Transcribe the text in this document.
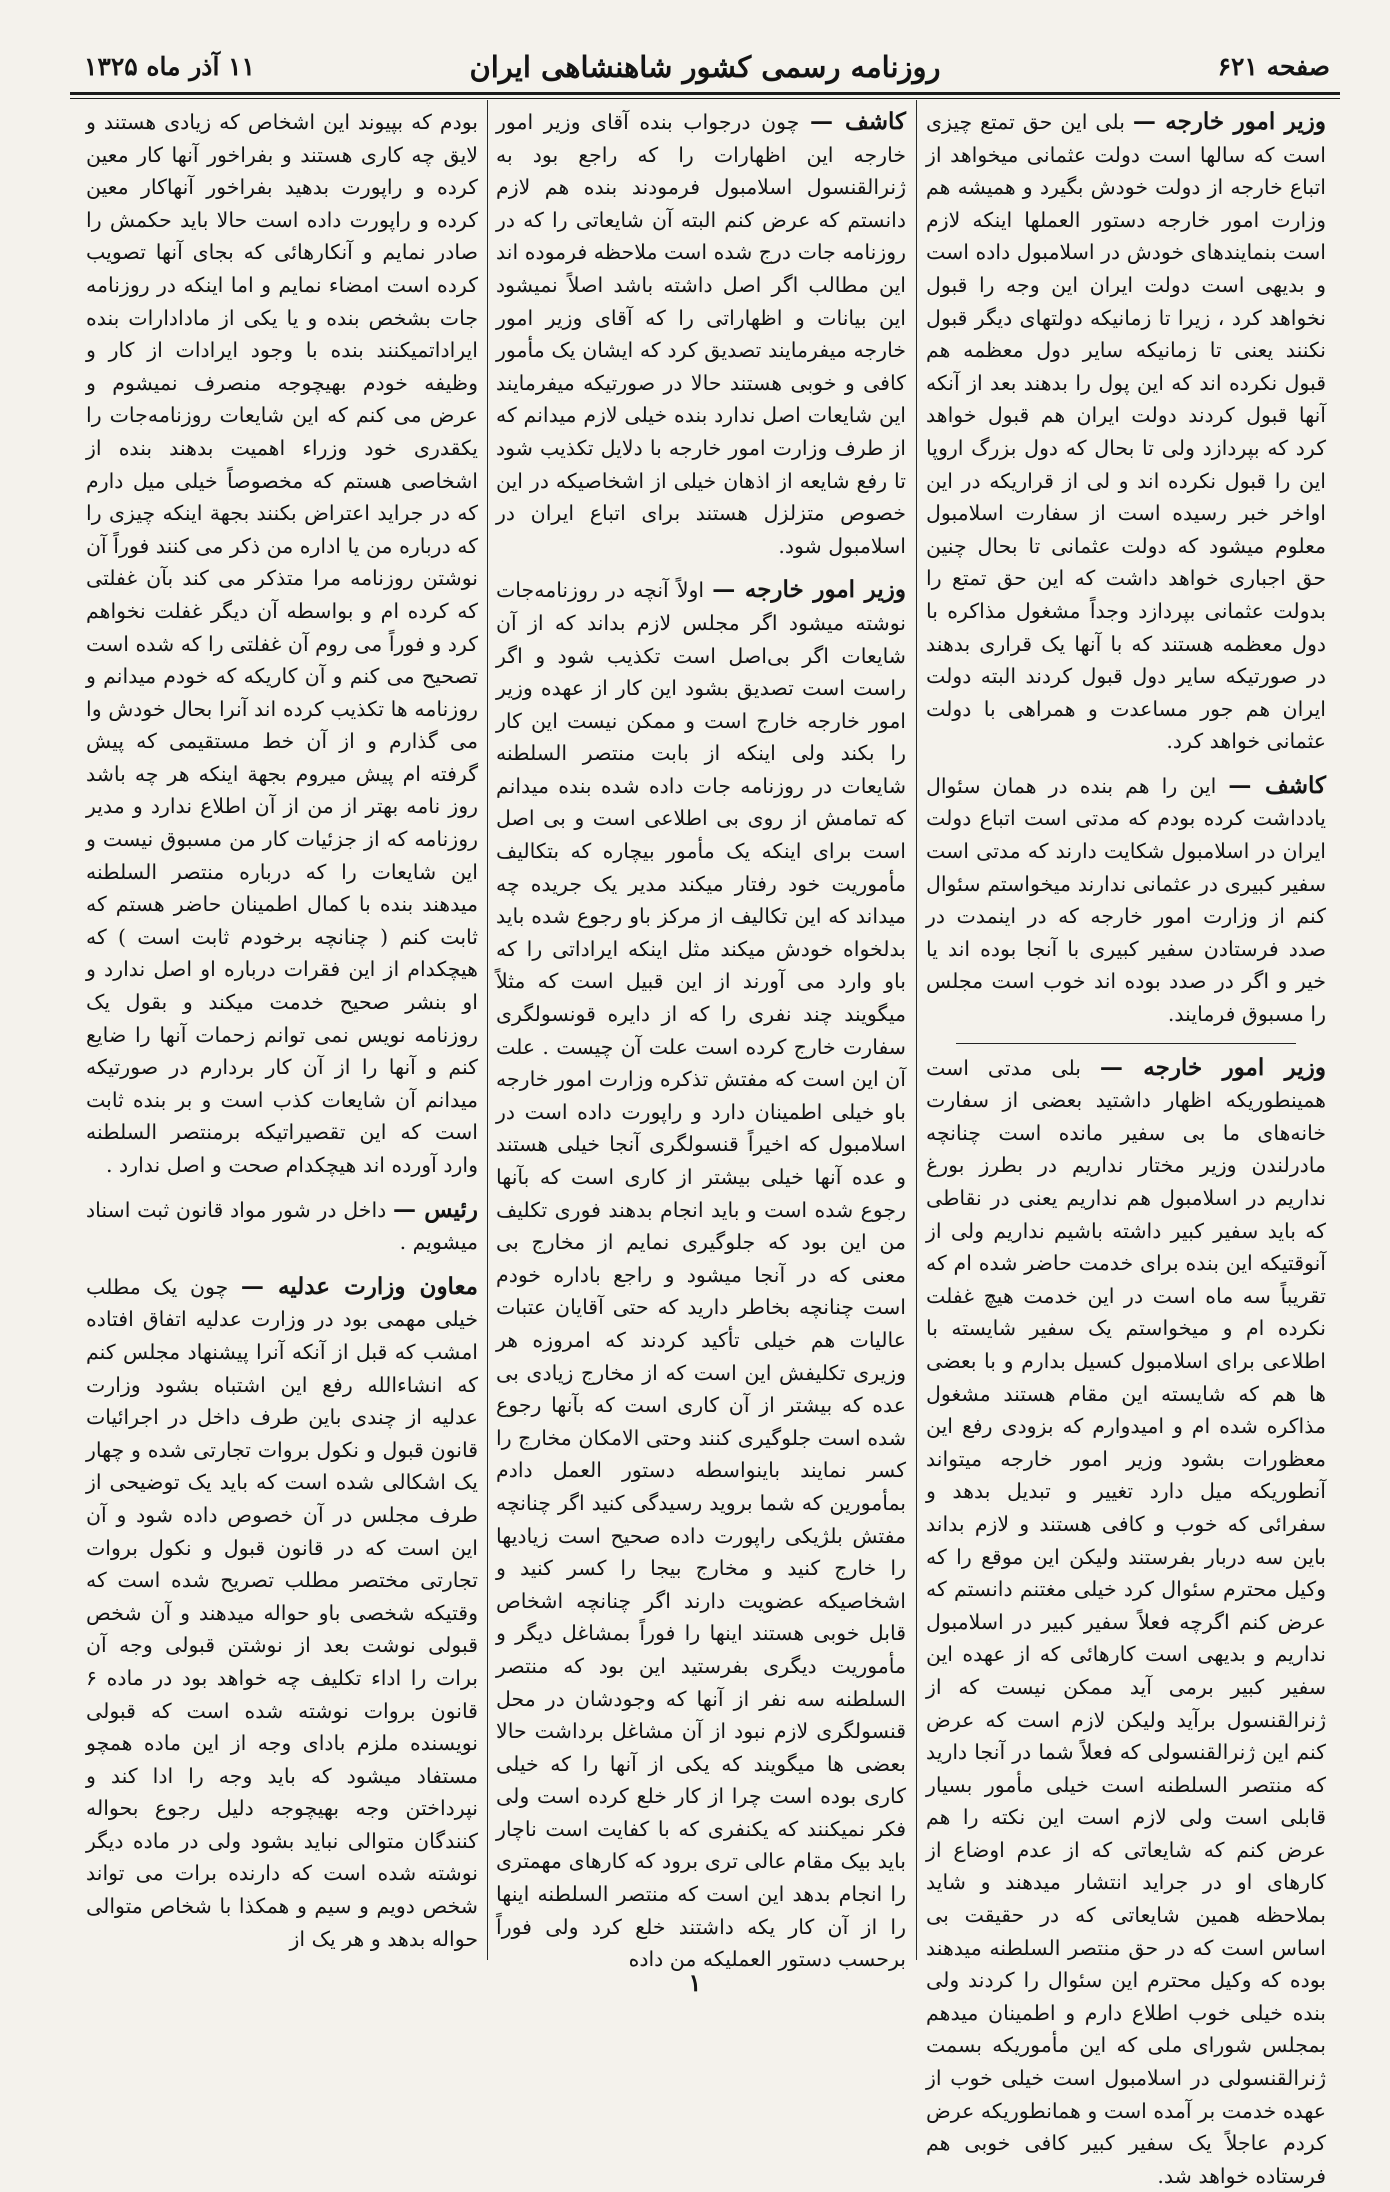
صفحه ۶۲۱
روزنامه رسمی کشور شاهنشاهی ایران
۱۱ آذر ماه ۱۳۲۵

وزیر امور خارجه — بلی این حق تمتع چیزی است که سالها است دولت عثمانی میخواهد از اتباع خارجه از دولت خودش بگیرد و همیشه هم وزارت امور خارجه دستور العملها اینکه لازم است بنمایندهای خودش در اسلامبول داده است و بدیهی است دولت ایران این وجه را قبول نخواهد کرد ، زیرا تا زمانیکه دولتهای دیگر قبول نکنند یعنی تا زمانیکه سایر دول معظمه هم قبول نکرده اند که این پول را بدهند بعد از آنکه آنها قبول کردند دولت ایران هم قبول خواهد کرد که بپردازد ولی تا بحال که دول بزرگ اروپا این را قبول نکرده اند و لی از قراریکه در این اواخر خبر رسیده است از سفارت اسلامبول معلوم میشود که دولت عثمانی تا بحال چنین حق اجباری خواهد داشت که این حق تمتع را بدولت عثمانی بپردازد وجداً مشغول مذاکره با دول معظمه هستند که با آنها یک قراری بدهند در صورتیکه سایر دول قبول کردند البته دولت ایران هم جور مساعدت و همراهی با دولت عثمانی خواهد کرد.

کاشف — این را هم بنده در همان سئوال یادداشت کرده بودم که مدتی است اتباع دولت ایران در اسلامبول شکایت دارند که مدتی است سفیر کبیری در عثمانی ندارند میخواستم سئوال کنم از وزارت امور خارجه که در اینمدت در صدد فرستادن سفیر کبیری با آنجا بوده اند یا خیر و اگر در صدد بوده اند خوب است مجلس را مسبوق فرمایند.

وزیر امور خارجه — بلی مدتی است همینطوریکه اظهار داشتید بعضی از سفارت خانه‌های ما بی سفیر مانده است چنانچه مادرلندن وزیر مختار نداریم در بطرز بورغ نداریم در اسلامبول هم نداریم یعنی در نقاطی که باید سفیر کبیر داشته باشیم نداریم ولی از آنوقتیکه این بنده برای خدمت حاضر شده ام که تقریباً سه ماه است در این خدمت هیچ غفلت نکرده ام و میخواستم یک سفیر شایسته با اطلاعی برای اسلامبول کسیل بدارم و با بعضی ها هم که شایسته این مقام هستند مشغول مذاکره شده ام و امیدوارم که بزودی رفع این معظورات بشود وزیر امور خارجه میتواند آنطوریکه میل دارد تغییر و تبدیل بدهد و سفرائی که خوب و کافی هستند و لازم بداند باین سه دربار بفرستند ولیکن این موقع را که وکیل محترم سئوال کرد خیلی مغتنم دانستم که عرض کنم اگرچه فعلاً سفیر کبیر در اسلامبول نداریم و بدیهی است کارهائی که از عهده این سفیر کبیر برمی آید ممکن نیست که از ژنرالقنسول برآید ولیکن لازم است که عرض کنم این ژنرالقنسولی که فعلاً شما در آنجا دارید که منتصر السلطنه است خیلی مأمور بسیار قابلی است ولی لازم است این نکته را هم عرض کنم که شایعاتی که از عدم اوضاع از کارهای او در جراید انتشار میدهند و شاید بملاحظه همین شایعاتی که در حقیقت بی اساس است که در حق منتصر السلطنه میدهند بوده که وکیل محترم این سئوال را کردند ولی بنده خیلی خوب اطلاع دارم و اطمینان میدهم بمجلس شورای ملی که این مأموریکه بسمت ژنرالقنسولی در اسلامبول است خیلی خوب از عهده خدمت بر آمده است و همانطوریکه عرض کردم عاجلاً یک سفیر کبیر کافی خوبی هم فرستاده خواهد شد.

کاشف — چون درجواب بنده آقای وزیر امور خارجه این اظهارات را که راجع بود به ژنرالقنسول اسلامبول فرمودند بنده هم لازم دانستم که عرض کنم البته آن شایعاتی را که در روزنامه جات درج شده است ملاحظه فرموده اند این مطالب اگر اصل داشته باشد اصلاً نمیشود این بیانات و اظهاراتی را که آقای وزیر امور خارجه میفرمایند تصدیق کرد که ایشان یک مأمور کافی و خوبی هستند حالا در صورتیکه میفرمایند این شایعات اصل ندارد بنده خیلی لازم میدانم که از طرف وزارت امور خارجه با دلایل تکذیب شود تا رفع شایعه از اذهان خیلی از اشخاصیکه در این خصوص متزلزل هستند برای اتباع ایران در اسلامبول شود.

وزیر امور خارجه — اولاً آنچه در روزنامه‌جات نوشته میشود اگر مجلس لازم بداند که از آن شایعات اگر بی‌اصل است تکذیب شود و اگر راست است تصدیق بشود این کار از عهده وزیر امور خارجه خارج است و ممکن نیست این کار را بکند ولی اینکه از بابت منتصر السلطنه شایعات در روزنامه جات داده شده بنده میدانم که تمامش از روی بی اطلاعی است و بی اصل است برای اینکه یک مأمور بیچاره که بتکالیف مأموریت خود رفتار میکند مدیر یک جریده چه میداند که این تکالیف از مرکز باو رجوع شده باید بدلخواه خودش میکند مثل اینکه ایراداتی را که باو وارد می آورند از این قبیل است که مثلاً میگویند چند نفری را که از دایره قونسولگری سفارت خارج کرده است علت آن چیست . علت آن این است که مفتش تذکره وزارت امور خارجه باو خیلی اطمینان دارد و راپورت داده است در اسلامبول که اخیراً قنسولگری آنجا خیلی هستند و عده آنها خیلی بیشتر از کاری است که بآنها رجوع شده است و باید انجام بدهند فوری تکلیف من این بود که جلوگیری نمایم از مخارج بی معنی که در آنجا میشود و راجع باداره خودم است چنانچه بخاطر دارید که حتی آقایان عتبات عالیات هم خیلی تأکید کردند که امروزه هر وزیری تکلیفش این است که از مخارج زیادی بی عده که بیشتر از آن کاری است که بآنها رجوع شده است جلوگیری کنند وحتی الامکان مخارج را کسر نمایند باینواسطه دستور العمل دادم بمأمورین که شما بروید رسیدگی کنید اگر چنانچه مفتش بلژیکی راپورت داده صحیح است زیادیها را خارج کنید و مخارج بیجا را کسر کنید و اشخاصیکه عضویت دارند اگر چنانچه اشخاص قابل خوبی هستند اینها را فوراً بمشاغل دیگر و مأموریت دیگری بفرستید این بود که منتصر السلطنه سه نفر از آنها که وجودشان در محل قنسولگری لازم نبود از آن مشاغل برداشت حالا بعضی ها میگویند که یکی از آنها را که خیلی کاری بوده است چرا از کار خلع کرده است ولی فکر نمیکنند که یکنفری که با کفایت است ناچار باید بیک مقام عالی تری برود که کارهای مهمتری را انجام بدهد این است که منتصر السلطنه اینها را از آن کار یکه داشتند خلع کرد ولی فوراً برحسب دستور العملیکه من داده

بودم که بپیوند این اشخاص که زیادی هستند و لایق چه کاری هستند و بفراخور آنها کار معین کرده و راپورت بدهید بفراخور آنهاکار معین کرده و راپورت داده است حالا باید حکمش را صادر نمایم و آنکارهائی که بجای آنها تصویب کرده است امضاء نمایم و اما اینکه در روزنامه جات بشخص بنده و یا یکی از مادادارات بنده ایراداتمیکنند بنده با وجود ایرادات از کار و وظیفه خودم بهیچوجه منصرف نمیشوم و عرض می کنم که این شایعات روزنامه‌جات را یکقدری خود وزراء اهمیت بدهند بنده از اشخاصی هستم که مخصوصاً خیلی میل دارم که در جراید اعتراض بکنند بجهة اینکه چیزی را که درباره من یا اداره من ذکر می کنند فوراً آن نوشتن روزنامه مرا متذکر می کند بآن غفلتی که کرده ام و بواسطه آن دیگر غفلت نخواهم کرد و فوراً می روم آن غفلتی را که شده است تصحیح می کنم و آن کاریکه که خودم میدانم و روزنامه ها تکذیب کرده اند آنرا بحال خودش وا می گذارم و از آن خط مستقیمی که پیش گرفته ام پیش میروم بجهة اینکه هر چه باشد روز نامه بهتر از من از آن اطلاع ندارد و مدیر روزنامه که از جزئیات کار من مسبوق نیست و این شایعات را که درباره منتصر السلطنه میدهند بنده با کمال اطمینان حاضر هستم که ثابت کنم ( چنانچه برخودم ثابت است ) که هیچکدام از این فقرات درباره او اصل ندارد و او بنشر صحیح خدمت میکند و بقول یک روزنامه نویس نمی توانم زحمات آنها را ضایع کنم و آنها را از آن کار بردارم در صورتیکه میدانم آن شایعات کذب است و بر بنده ثابت است که این تقصیراتیکه برمنتصر السلطنه وارد آورده اند هیچکدام صحت و اصل ندارد .

رئیس — داخل در شور مواد قانون ثبت اسناد میشویم .

معاون وزارت عدلیه — چون یک مطلب خیلی مهمی بود در وزارت عدلیه اتفاق افتاده امشب که قبل از آنکه آنرا پیشنهاد مجلس کنم که انشاءالله رفع این اشتباه بشود وزارت عدلیه از چندی باین طرف داخل در اجرائیات قانون قبول و نکول بروات تجارتی شده و چهار یک اشکالی شده است که باید یک توضیحی از طرف مجلس در آن خصوص داده شود و آن این است که در قانون قبول و نکول بروات تجارتی مختصر مطلب تصریح شده است که وقتیکه شخصی باو حواله میدهند و آن شخص قبولی نوشت بعد از نوشتن قبولی وجه آن برات را اداء تکلیف چه خواهد بود در ماده ۶ قانون بروات نوشته شده است که قبولی نویسنده ملزم بادای وجه از این ماده همچو مستفاد میشود که باید وجه را ادا کند و نپرداختن وجه بهیچوجه دلیل رجوع بحواله کنندگان متوالی نباید بشود ولی در ماده دیگر نوشته شده است که دارنده برات می تواند شخص دویم و سیم و همکذا با شخاص متوالی حواله بدهد و هر یک از

۱
